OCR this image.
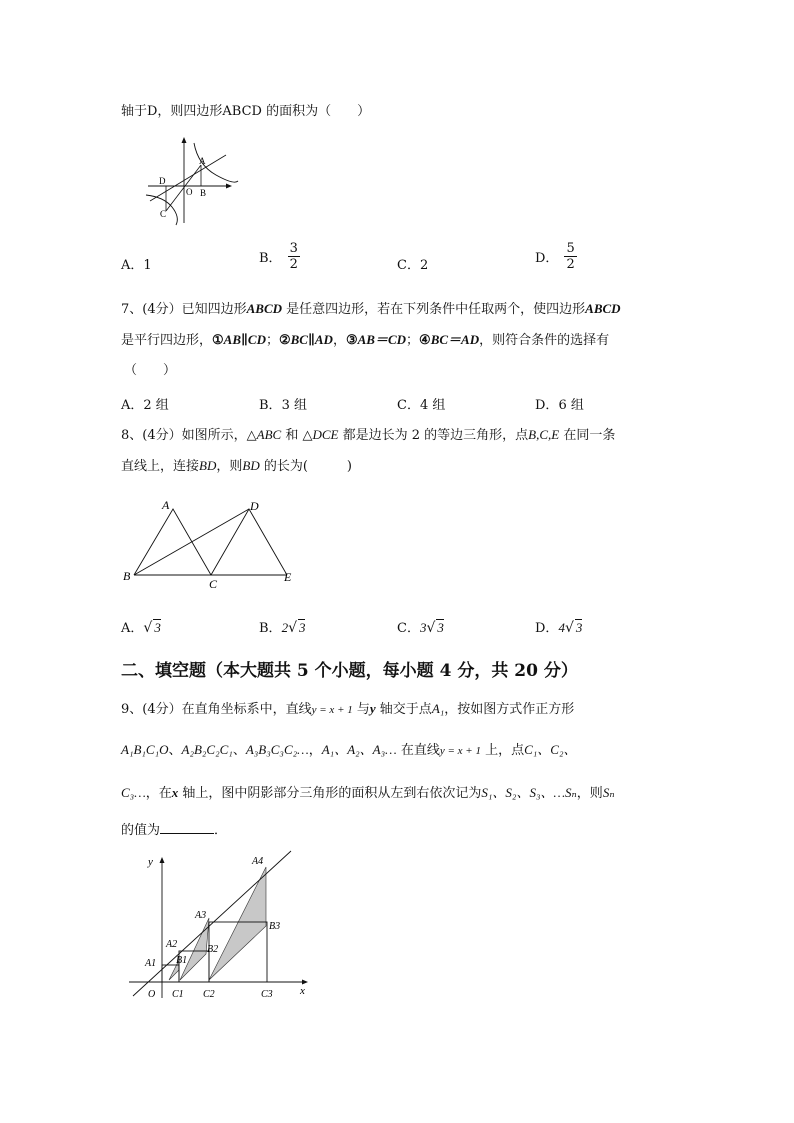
轴于D，则四边形ABCD 的面积为（　　）
A
B
C
D
O
A．1	B． $\frac{3}{2}$	C．2	D． $\frac{5}{2}$
7、(4分）已知四边形ABCD 是任意四边形，若在下列条件中任取两个，使四边形ABCD
是平行四边形，①AB∥CD；②BC∥AD，③AB＝CD；④BC＝AD，则符合条件的选择有
（　　）
A．2 组	B．3 组	C．4 组	D．6 组
8、(4分）如图所示，△ABC 和 △DCE 都是边长为 2 的等边三角形，点B,C,E 在同一条
直线上，连接BD，则BD 的长为(　　　)
A
B
C
D
E
A．√ 3	B．2√ 3	C．3√ 3	D．4√ 3
二、填空题（本大题共 5 个小题，每小题 4 分，共 20 分）
9、(4分）在直角坐标系中，直线y = x + 1 与y 轴交于点A₁，按如图方式作正方形
A₁B₁C₁O、A₂B₂C₂C₁、A₃B₃C₃C₂…，A₁、A₂、A₃… 在直线y = x + 1 上，点C₁、C₂、
C₃…，在x 轴上，图中阴影部分三角形的面积从左到右依次记为S₁、S₂、S₃、…Sₙ，则Sₙ
的值为	．
y
x
O
A1
A2
A3
A4
B1
B2
B3
C1 C2	C3
